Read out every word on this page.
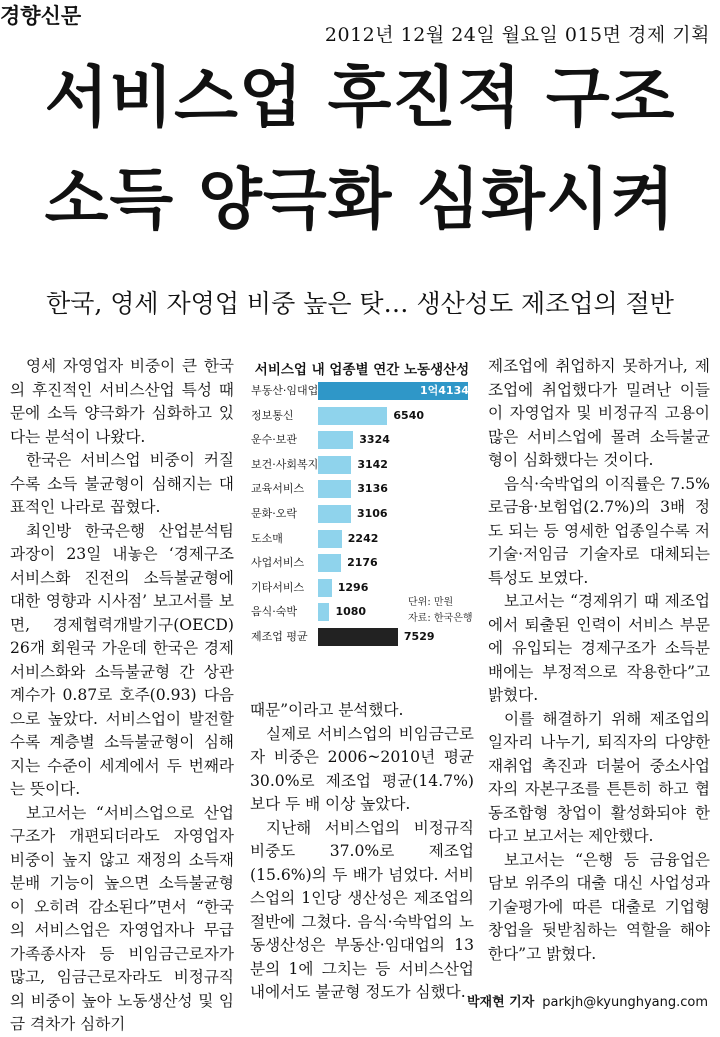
경향신문
2012년 12월 24일 월요일 015면 경제 기획
서비스업 후진적 구조
소득 양극화 심화시켜
한국, 영세 자영업 비중 높은 탓… 생산성도 제조업의 절반

영세 자영업자 비중이 큰 한국의 후진적인 서비스산업 특성 때문에 소득 양극화가 심화하고 있다는 분석이 나왔다.

한국은 서비스업 비중이 커질수록 소득 불균형이 심해지는 대표적인 나라로 꼽혔다.

최인방 한국은행 산업분석팀 과장이 23일 내놓은 ‘경제구조 서비스화 진전의 소득불균형에 대한 영향과 시사점’ 보고서를 보면, 경제협력개발기구(OECD) 26개 회원국 가운데 한국은 경제서비스화와 소득불균형 간 상관계수가 0.87로 호주(0.93) 다음으로 높았다. 서비스업이 발전할수록 계층별 소득불균형이 심해지는 수준이 세계에서 두 번째라는 뜻이다.

보고서는 “서비스업으로 산업구조가 개편되더라도 자영업자 비중이 높지 않고 재정의 소득재분배 기능이 높으면 소득불균형이 오히려 감소된다”면서 “한국의 서비스업은 자영업자나 무급가족종사자 등 비임금근로자가 많고, 임금근로자라도 비정규직의 비중이 높아 노동생산성 및 임금 격차가 심하기

서비스업 내 업종별 연간 노동생산성
부동산·임대업	1억4134
정보통신	6540
운수·보관	3324
보건·사회복지	3142
교육서비스	3136
문화·오락	3106
도소매	2242
사업서비스	2176
기타서비스	1296
음식·숙박	1080
제조업 평균	7529
단위: 만원
자료: 한국은행

때문”이라고 분석했다.

실제로 서비스업의 비임금근로자 비중은 2006~2010년 평균 30.0%로 제조업 평균(14.7%)보다 두 배 이상 높았다.

지난해 서비스업의 비정규직 비중도 37.0%로 제조업(15.6%)의 두 배가 넘었다. 서비스업의 1인당 생산성은 제조업의 절반에 그쳤다. 음식·숙박업의 노동생산성은 부동산·임대업의 13분의 1에 그치는 등 서비스산업 내에서도 불균형 정도가 심했다.

제조업에 취업하지 못하거나, 제조업에 취업했다가 밀려난 이들이 자영업자 및 비정규직 고용이 많은 서비스업에 몰려 소득불균형이 심화했다는 것이다.

음식·숙박업의 이직률은 7.5%로금융·보험업(2.7%)의 3배 정도 되는 등 영세한 업종일수록 저기술·저임금 기술자로 대체되는 특성도 보였다.

보고서는 “경제위기 때 제조업에서 퇴출된 인력이 서비스 부문에 유입되는 경제구조가 소득분배에는 부정적으로 작용한다”고 밝혔다.

이를 해결하기 위해 제조업의 일자리 나누기, 퇴직자의 다양한 재취업 촉진과 더불어 중소사업자의 자본구조를 튼튼히 하고 협동조합형 창업이 활성화되야 한다고 보고서는 제안했다.

보고서는 “은행 등 금융업은 담보 위주의 대출 대신 사업성과 기술평가에 따른 대출로 기업형 창업을 뒷받침하는 역할을 해야 한다”고 밝혔다.

박재현 기자 parkjh@kyunghyang.com
